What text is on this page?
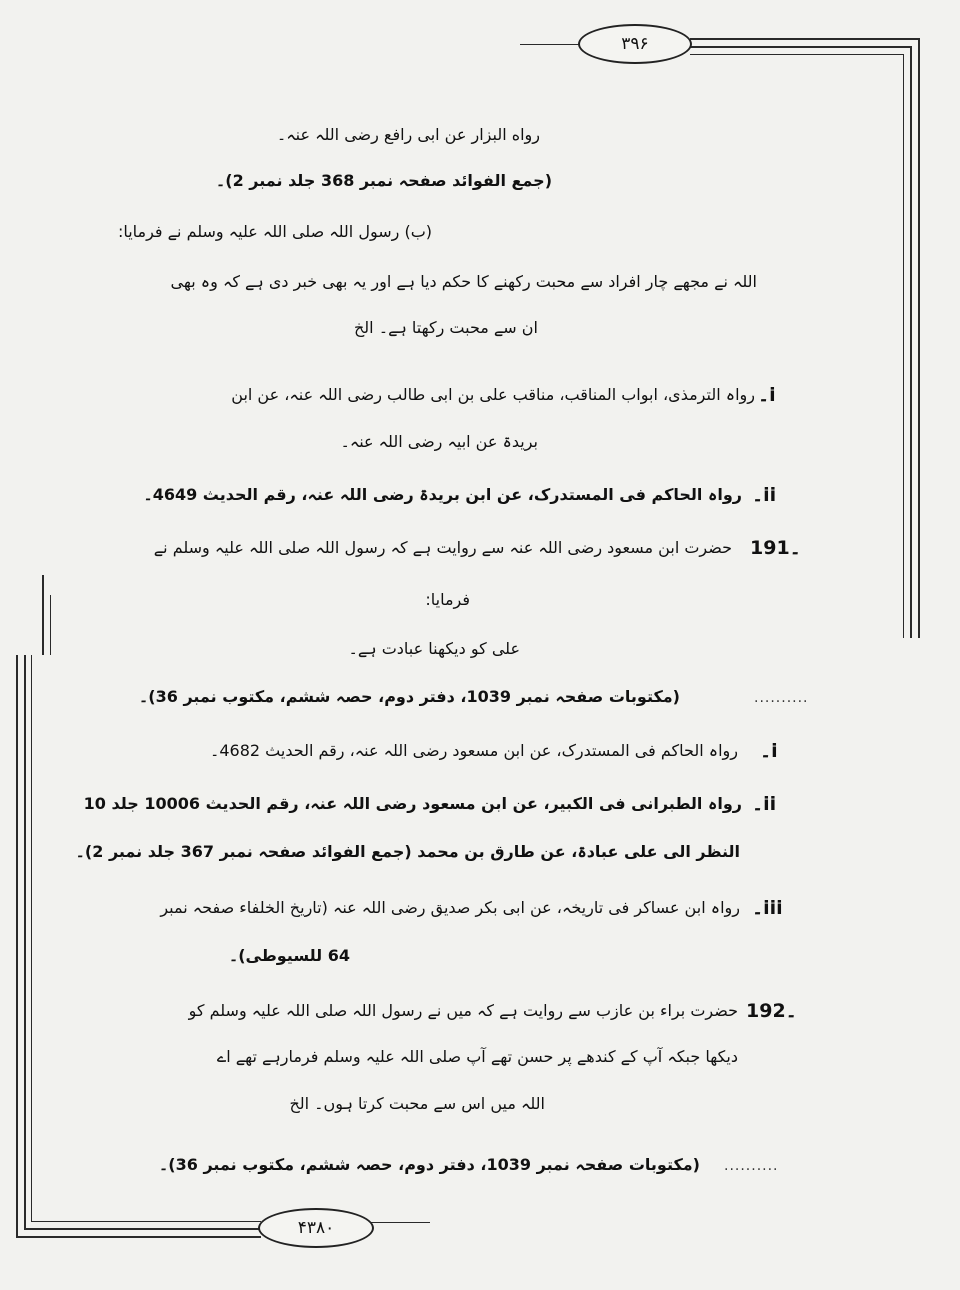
۳۹۶
۴۳۸۰
رواه البزار عن ابی رافع رضی اللہ عنہ۔
(جمع الفوائد صفحہ نمبر 368 جلد نمبر 2)۔
(ب) رسول اللہ صلی اللہ علیہ وسلم نے فرمایا:
اللہ نے مجھے چار افراد سے محبت رکھنے کا حکم دیا ہے اور یہ بھی خبر دی ہے کہ وہ بھی
ان سے محبت رکھتا ہے۔ الخ
۔i
رواہ الترمذی، ابواب المناقب، مناقب علی بن ابی طالب رضی اللہ عنہ، عن ابن
بریدۃ عن ابیہ رضی اللہ عنہ۔
۔ii
رواہ الحاکم فی المستدرک، عن ابن بریدۃ رضی اللہ عنہ، رقم الحدیث 4649۔
۔191
حضرت ابن مسعود رضی اللہ عنہ سے روایت ہے کہ رسول اللہ صلی اللہ علیہ وسلم نے
فرمایا:
علی کو دیکھنا عبادت ہے۔
..........
(مکتوبات صفحہ نمبر 1039، دفتر دوم، حصہ ششم، مکتوب نمبر 36)۔
۔i
رواہ الحاکم فی المستدرک، عن ابن مسعود رضی اللہ عنہ، رقم الحدیث 4682۔
۔ii
رواہ الطبرانی فی الکبیر، عن ابن مسعود رضی اللہ عنہ، رقم الحدیث 10006 جلد 10
النظر الی علی عبادۃ، عن طارق بن محمد (جمع الفوائد صفحہ نمبر 367 جلد نمبر 2)۔
۔iii
رواہ ابن عساکر فی تاریخہ، عن ابی بکر صدیق رضی اللہ عنہ (تاریخ الخلفاء صفحہ نمبر
64 للسیوطی)۔
۔192
حضرت براء بن عازب سے روایت ہے کہ میں نے رسول اللہ صلی اللہ علیہ وسلم کو
دیکھا جبکہ آپ کے کندھے پر حسن تھے آپ صلی اللہ علیہ وسلم فرمارہے تھے اے
اللہ میں اس سے محبت کرتا ہوں۔ الخ
..........
(مکتوبات صفحہ نمبر 1039، دفتر دوم، حصہ ششم، مکتوب نمبر 36)۔
